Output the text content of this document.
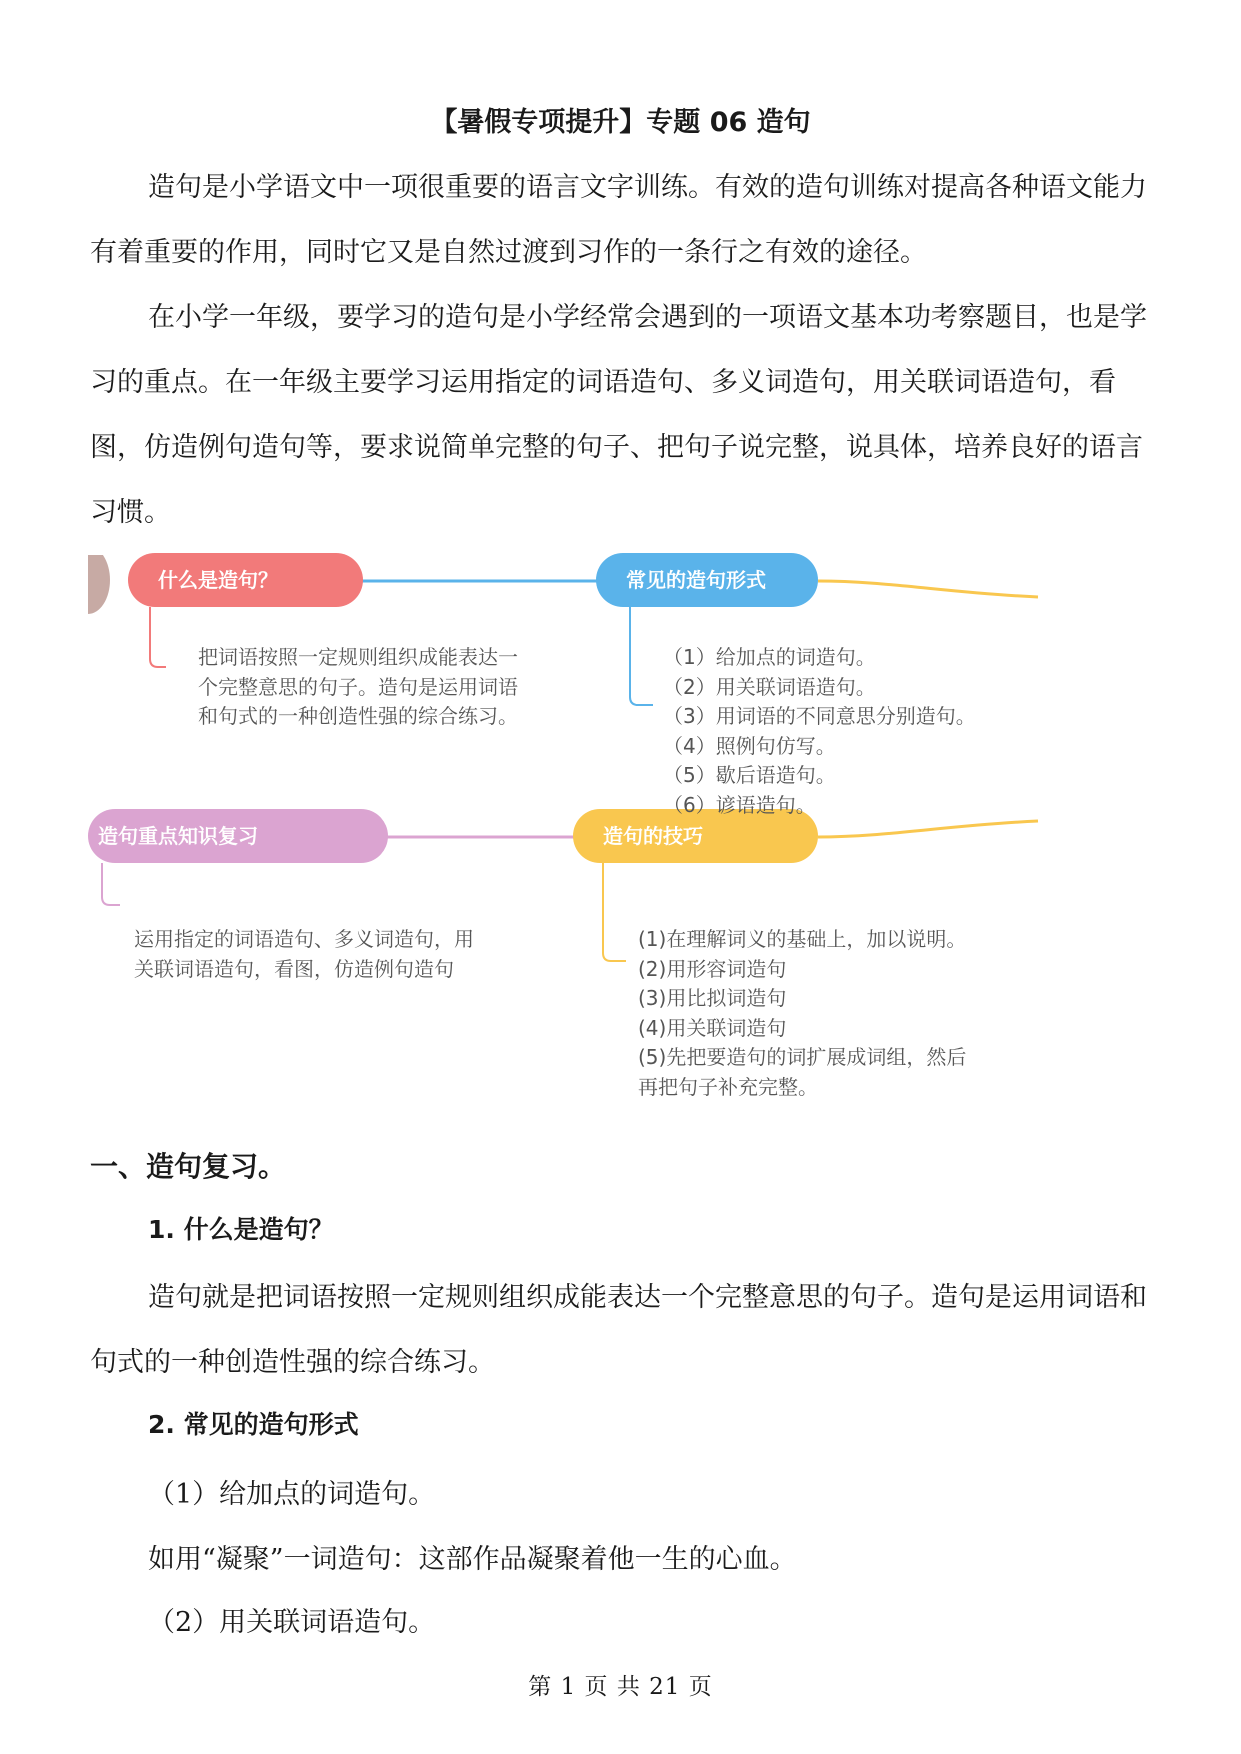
【暑假专项提升】专题 06 造句

造句是小学语文中一项很重要的语言文字训练。有效的造句训练对提高各种语文能力有着重要的作用，同时它又是自然过渡到习作的一条行之有效的途径。

在小学一年级，要学习的造句是小学经常会遇到的一项语文基本功考察题目，也是学习的重点。在一年级主要学习运用指定的词语造句、多义词造句，用关联词语造句，看图，仿造例句造句等，要求说简单完整的句子、把句子说完整，说具体，培养良好的语言习惯。

什么是造句？	常见的造句形式
造句重点知识复习	造句的技巧
把词语按照一定规则组织成能表达一
个完整意思的句子。造句是运用词语
和句式的一种创造性强的综合练习。
（1）给加点的词造句。
（2）用关联词语造句。
（3）用词语的不同意思分别造句。
（4）照例句仿写。
（5）歇后语造句。
（6）谚语造句。
运用指定的词语造句、多义词造句，用
关联词语造句，看图，仿造例句造句
(1)在理解词义的基础上，加以说明。
(2)用形容词造句
(3)用比拟词造句
(4)用关联词造句
(5)先把要造句的词扩展成词组，然后
再把句子补充完整。
一、造句复习。
1. 什么是造句？

造句就是把词语按照一定规则组织成能表达一个完整意思的句子。造句是运用词语和句式的一种创造性强的综合练习。

2. 常见的造句形式
（1）给加点的词造句。
如用“凝聚”一词造句：这部作品凝聚着他一生的心血。
（2）用关联词语造句。
第 1 页 共 21 页
